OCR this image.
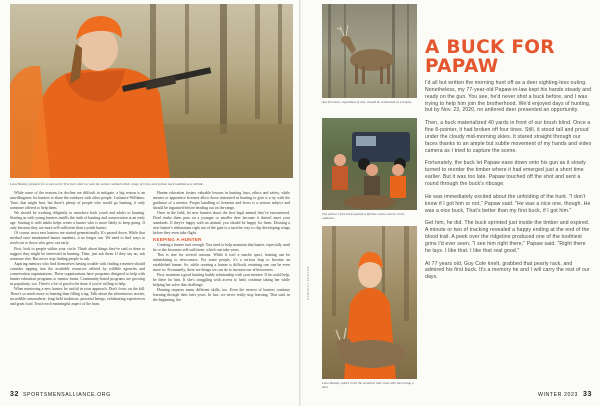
Lena Beatley prepares for a shot at her first deer after her and the mother stalked within range of it boy and bottom back huddled at a hillside.

While some of the reasons for decline are difficult to mitigate, a big reason is an unwillingness for hunters to share the outdoors with other people. Lachance-Williams: 'Sure, that might hurt, but there's plenty of people who would go hunting, if only someone offered to help them.

We should be working diligently to introduce both youth and adults to hunting. Starting in with young hunters instills the truth of hunting and conservation at an early age. Starting it with adults helps create a hunter who is more likely to keep going. If only because they are more self-sufficient than a youth hunter.

Of course, most new hunters are started generationally. It's passed down. While that method once maintained hunter numbers, it no longer can. We need to find ways to reach out to those who grew out early.

First, look to people within your circle. Think about things they've said or done to suggest they might be interested in hunting. Then, just ask them. If they say no, ask someone else. But never stop finding people to ask.

Aspiring mentors who find themselves having trouble with finding a mentee should consider tapping into the available resources offered by wildlife agencies and conservation organizations. These organizations have programs designed to help with hunter education programs or mentor hunts. Community-based programs are growing in popularity, too. There's a lot of good to be done if you're willing to help.

When mentoring a new hunter, be tactful in your approach. Don't focus on the kill. There's so much more to hunting than filling a tag. Talk about the adventurous stories, incredible camaraderie, long-held traditions, peaceful beings, exhilarating experiences and great food. Teach each meaningful aspect of the hunt.

Hunter education fosters valuable lessons in hunting laws, ethics and safety, while mentor or apprentice licenses allow those interested in hunting to give it a try with the guidance of a mentor. Proper handling of firearms and bows is a serious subject and should be ingrained before heading out on the range.

Once in the field, let new hunters shoot the first legal animal they've encountered. Don't make them pass on a younger or smaller deer because it doesn't meet your standards. If they're happy with an animal, you should be happy for them. Dousing a new hunter's enthusiasm right out of the gate is a surefire way to clip developing wings before they even take flight.

KEEPING A HUNTER

Creating a hunter isn't enough. You need to help maintain that hunter, especially until he or she becomes self-sufficient, which can take years.

This is true for several reasons. While it isn't a macho sport, hunting can be intimidating to newcomers. For some people, it's a serious leap to become an established hunter. So, while creating a hunter is difficult, retaining one can be even more so. Fortunately, there are things we can do to increase our effectiveness.

First, maintain a good hunting buddy relationship with your mentee. If he could help, be there for him. If she's struggling with access to land, continue taking her while helping her solve that challenge.

Hunting requires many different skills, too. Even the newest of hunters continue learning through their later years. In fact, we never really stop learning. That said, in the beginning, the

32 SPORTSMENSALLIANCE.ORG
Any first deer, regardless of size, should be celebrated as a trophy.
The author's first buck opened a lifetime, and a career, in the outdoors.
Lena Beatley smiles in all the emotions that come with harvesting a deer.
HANDOUT PHOTOS
A BUCK FOR PAPAW

I'd all but written the morning hunt off as a deer sighting-less outing. Nonetheless, my 77-year-old Papaw-in-law kept his hands steady and ready on the gun. You see, he'd never shot a buck before, and I was trying to help him join the brotherhood. We'd enjoyed days of hunting, but by Nov. 23, 2020, no antlered deer presented an opportunity.

Then, a buck materialized 40 yards in front of our brush blind. Once a fine 8-pointer, it had broken off four tines. Still, it stood tall and proud under the cloudy mid-morning skies. It stared straight through our faces thanks to an ample but subtle movement of my hands and video camera as I tried to capture the scene.

Fortunately, the buck let Papaw ease down onto his gun as it slowly turned to reorder the timber where it had emerged just a short time earlier. But it was too late. Papaw touched off the shot and sent a round through the buck's ribcage.

He was immediately excited about the unfolding of the hunt. "I don't know if I got him or not," Papaw said. "He was a nice one, though. He was a nice buck. That's better than my first buck, if I got him."

Get him, he did. The buck sprinted just inside the timber and expired. A minute or two of tracking revealed a happy ending at the end of the blood trail. A peek over the ridgeline produced one of the toothiest grins I'd ever seen. "I see him right there," Papaw said. "Right there he lays. I like that. I like that real good."

At 77 years old, Guy Cole knelt, grabbed that pearly rack, and admired his first buck. It's a memory he and I will carry the rest of our days.

WINTER 2023 33
